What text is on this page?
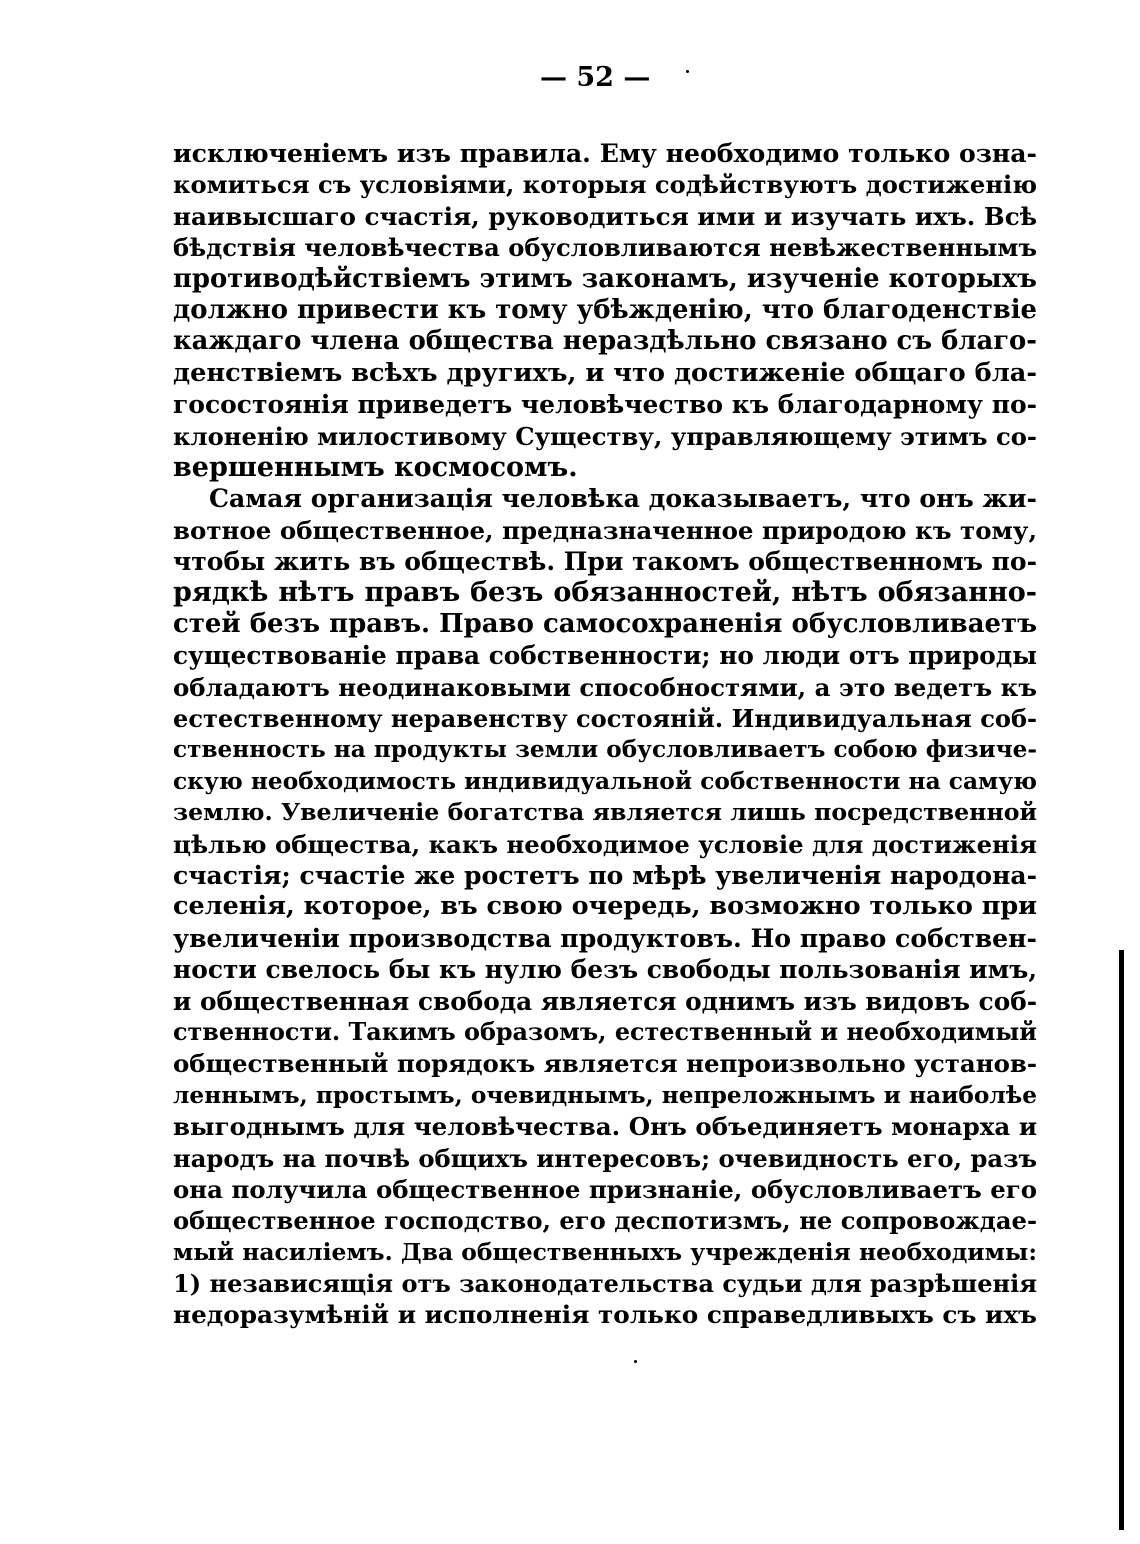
— 52 —
исключеніемъ изъ правила. Ему необходимо только озна-
комиться съ условіями, которыя содѣйствуютъ достиженію
наивысшаго счастія, руководиться ими и изучать ихъ. Всѣ
бѣдствія человѣчества обусловливаются невѣжественнымъ
противодѣйствіемъ этимъ законамъ, изученіе которыхъ
должно привести къ тому убѣжденію, что благоденствіе
каждаго члена общества нераздѣльно связано съ благо-
денствіемъ всѣхъ другихъ, и что достиженіе общаго бла-
госостоянія приведетъ человѣчество къ благодарному по-
клоненію милостивому Существу, управляющему этимъ со-
вершеннымъ космосомъ.
Самая организація человѣка доказываетъ, что онъ жи-
вотное общественное, предназначенное природою къ тому,
чтобы жить въ обществѣ. При такомъ общественномъ по-
рядкѣ нѣтъ правъ безъ обязанностей, нѣтъ обязанно-
стей безъ правъ. Право самосохраненія обусловливаетъ
существованіе права собственности; но люди отъ природы
обладаютъ неодинаковыми способностями, а это ведетъ къ
естественному неравенству состояній. Индивидуальная соб-
ственность на продукты земли обусловливаетъ собою физиче-
скую необходимость индивидуальной собственности на самую
землю. Увеличеніе богатства является лишь посредственной
цѣлью общества, какъ необходимое условіе для достиженія
счастія; счастіе же ростетъ по мѣрѣ увеличенія народона-
селенія, которое, въ свою очередь, возможно только при
увеличеніи производства продуктовъ. Но право собствен-
ности свелось бы къ нулю безъ свободы пользованія имъ,
и общественная свобода является однимъ изъ видовъ соб-
ственности. Такимъ образомъ, естественный и необходимый
общественный порядокъ является непроизвольно установ-
леннымъ, простымъ, очевиднымъ, непреложнымъ и наиболѣе
выгоднымъ для человѣчества. Онъ объединяетъ монарха и
народъ на почвѣ общихъ интересовъ; очевидность его, разъ
она получила общественное признаніе, обусловливаетъ его
общественное господство, его деспотизмъ, не сопровождае-
мый насиліемъ. Два общественныхъ учрежденія необходимы:
1) независящія отъ законодательства судьи для разрѣшенія
недоразумѣній и исполненія только справедливыхъ съ ихъ
